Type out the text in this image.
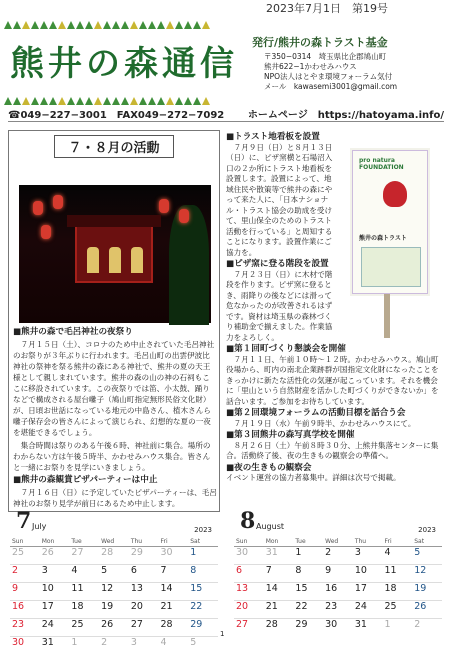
熊井の森通信
2023年7月1日　第19号
発行/熊井の森トラスト基金
〒350−0314　埼玉県比企郡鳩山町
熊井622−1かわせみハウス
NPO法人はとやま環境フォーラム気付
メール　kawasemi3001@gmail.com
☎049−227−3001　FAX049−272−7092 ホームページ　https://hatoyama.info/
７・８月の活動
■熊井の森で毛呂神社の夜祭り

　７月１５日（土）、コロナのため中止されていた毛呂神社のお祭りが３年ぶりに行われます。毛呂山町の出雲伊波比神社の祭神を祭る熊井の森にある神社で、熊井の夏の天王様として親しまれています。熊井の森の山の神の石祠もここに移設されています。この夜祭りでは笛、小太鼓、踊りなどで構成される屋台囃子（鳩山町指定無形民俗文化財）が、日頃お世話になっている地元の中島さん、植木さんら囃子保存会の皆さんによって演じられ、幻想的な夏の一夜を堪能できるでしょう。

　集合時間は祭りのある午後６時、神社前に集合。場所のわからない方は午後５時半、かわせみハウス集合。皆さんと一緒にお祭りを見学にいきましょう。

■熊井の森観賞ピザパーティーは中止

　７月１６日（日）に予定していたピザパーティーは、毛呂神社のお祭り見学が前日にあるため中止します。

■トラスト地看板を設置

　７月９日（日）と８月１３日（日）に、ピザ窯横と石場沼入口の２か所にトラスト地看板を設置します。設置によって、地域住民や散策等で熊井の森にやって来た人に、「日本ナショナル・トラスト協会の助成を受けて、里山保全のためのトラスト活動を行っている」と周知することになります。設置作業にご協力を。

■ピザ窯に登る階段を設置

　７月２３日（日）に木材で階段を作ります。ピザ窯に登るとき、雨降りの後などには滑って危なかったのが改善されるはずです。資材は埼玉県の森林づくり補助金で揃えました。作業協力をよろしく。

■第１回町づくり懇談会を開催

　７月１１日、午前１０時〜１２時。かわせみハウス。鳩山町役場から、町内の南北企業跡群が国指定文化財になったことを きっかけに新たな活性化の気運が起こっています。それを機会に「里山という自然財産を活かした町づくりができないか」を話合います。ご参加をお待ちしています。

■第２回環境フォーラムの活動目標を話合う会

　７月１９日（水）午前９時半、かわせみハウスにて。

■第３回熊井の森写真学校を開催

　８月２６日（土）午前８時３０分、上熊井集落センターに集合。活動終了後、夜の生きもの観察会の準備へ。

■夜の生きもの観察会

イベント運営の協力者募集中。詳細は次号で掲載。

pro natura FOUNDATION
熊井の森トラスト
7 July	2023
Sun	Mon	Tue	Wed	Thu	Fri	Sat
25	26	27	28	29	30	1
2	3	4	5	6	7	8
9	10	11	12	13	14	15
16	17	18	19	20	21	22
23	24	25	26	27	28	29
30	31	1	2	3	4	5
8 August	2023
Sun	Mon	Tue	Wed	Thu	Fri	Sat
30	31	1	2	3	4	5
6	7	8	9	10	11	12
13	14	15	16	17	18	19
20	21	22	23	24	25	26
27	28	29	30	31	1	2
1
